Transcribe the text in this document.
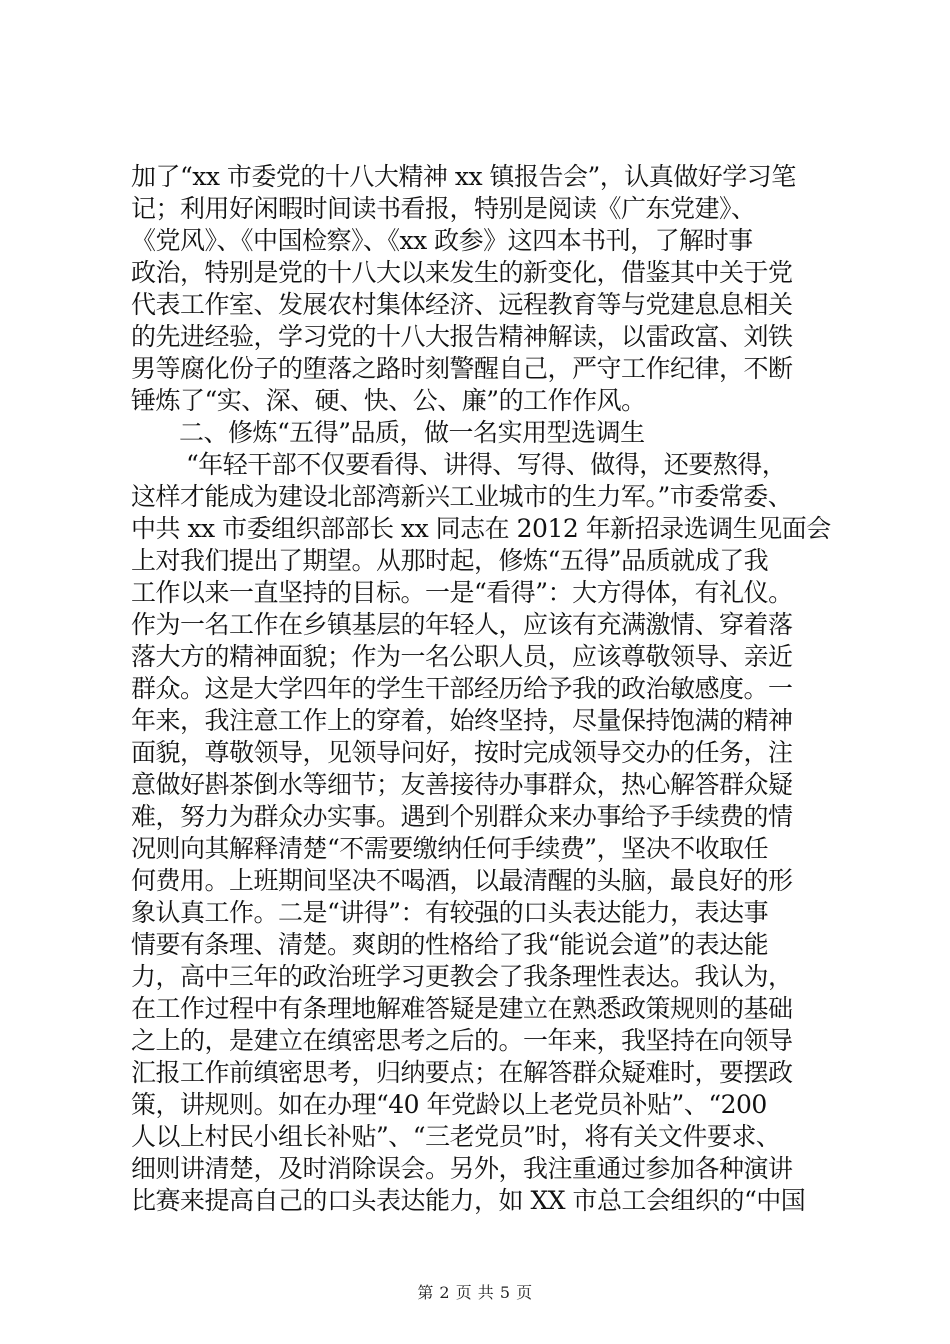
加了“xx 市委党的十八大精神 xx 镇报告会”，认真做好学习笔
记；利用好闲暇时间读书看报，特别是阅读《广东党建》、
《党风》、《中国检察》、《xx 政参》这四本书刊，了解时事
政治，特别是党的十八大以来发生的新变化，借鉴其中关于党
代表工作室、发展农村集体经济、远程教育等与党建息息相关
的先进经验，学习党的十八大报告精神解读，以雷政富、刘铁
男等腐化份子的堕落之路时刻警醒自己，严守工作纪律，不断
锤炼了“实、深、硬、快、公、廉”的工作作风。
二、修炼“五得”品质，做一名实用型选调生
“年轻干部不仅要看得、讲得、写得、做得，还要熬得，
这样才能成为建设北部湾新兴工业城市的生力军。”市委常委、
中共 xx 市委组织部部长 xx 同志在 2012 年新招录选调生见面会
上对我们提出了期望。从那时起，修炼“五得”品质就成了我
工作以来一直坚持的目标。一是“看得”：大方得体，有礼仪。
作为一名工作在乡镇基层的年轻人，应该有充满激情、穿着落
落大方的精神面貌；作为一名公职人员，应该尊敬领导、亲近
群众。这是大学四年的学生干部经历给予我的政治敏感度。一
年来，我注意工作上的穿着，始终坚持，尽量保持饱满的精神
面貌，尊敬领导，见领导问好，按时完成领导交办的任务，注
意做好斟茶倒水等细节；友善接待办事群众，热心解答群众疑
难，努力为群众办实事。遇到个别群众来办事给予手续费的情
况则向其解释清楚“不需要缴纳任何手续费”，坚决不收取任
何费用。上班期间坚决不喝酒，以最清醒的头脑，最良好的形
象认真工作。二是“讲得”：有较强的口头表达能力，表达事
情要有条理、清楚。爽朗的性格给了我“能说会道”的表达能
力，高中三年的政治班学习更教会了我条理性表达。我认为，
在工作过程中有条理地解难答疑是建立在熟悉政策规则的基础
之上的，是建立在缜密思考之后的。一年来，我坚持在向领导
汇报工作前缜密思考，归纳要点；在解答群众疑难时，要摆政
策，讲规则。如在办理“40 年党龄以上老党员补贴”、“200
人以上村民小组长补贴”、“三老党员”时，将有关文件要求、
细则讲清楚，及时消除误会。另外，我注重通过参加各种演讲
比赛来提高自己的口头表达能力，如 XX 市总工会组织的“中国
第 2 页 共 5 页
